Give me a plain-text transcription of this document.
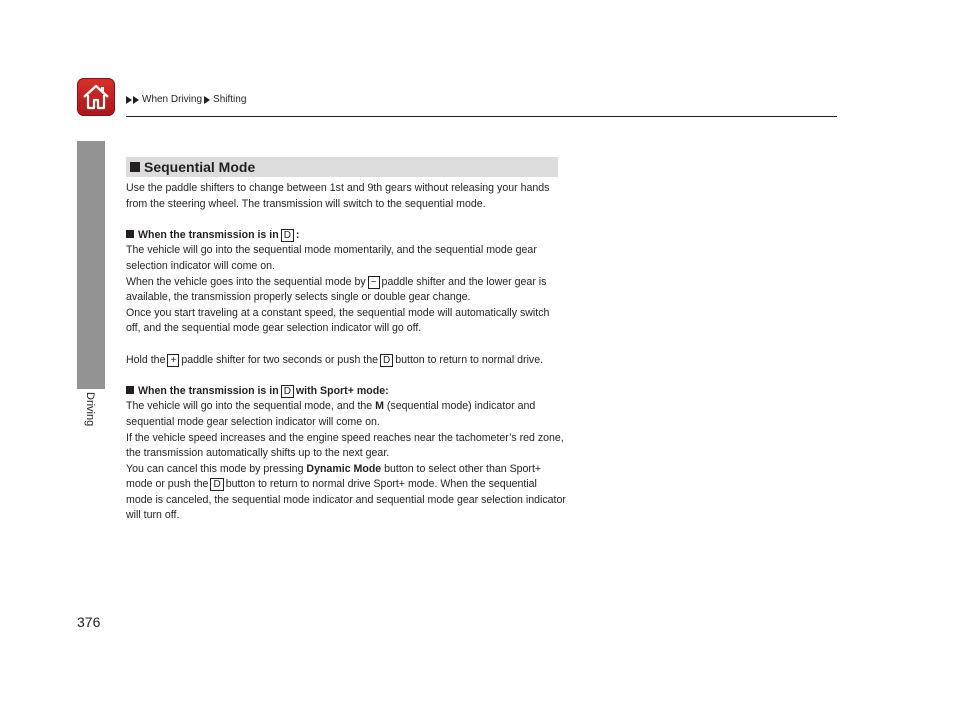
When Driving Shifting
Driving
Sequential Mode

Use the paddle shifters to change between 1st and 9th gears without releasing your hands from the steering wheel. The transmission will switch to the sequential mode.

When the transmission is in D :

The vehicle will go into the sequential mode momentarily, and the sequential mode gear selection indicator will come on.

When the vehicle goes into the sequential mode by − paddle shifter and the lower gear is available, the transmission properly selects single or double gear change.

Once you start traveling at a constant speed, the sequential mode will automatically switch off, and the sequential mode gear selection indicator will go off.

Hold the + paddle shifter for two seconds or push the D button to return to normal drive.

When the transmission is in D with Sport+ mode:

The vehicle will go into the sequential mode, and the M (sequential mode) indicator and sequential mode gear selection indicator will come on.

If the vehicle speed increases and the engine speed reaches near the tachometer’s red zone, the transmission automatically shifts up to the next gear.

You can cancel this mode by pressing Dynamic Mode button to select other than Sport+ mode or push the D button to return to normal drive Sport+ mode. When the sequential mode is canceled, the sequential mode indicator and sequential mode gear selection indicator will turn off.

376
